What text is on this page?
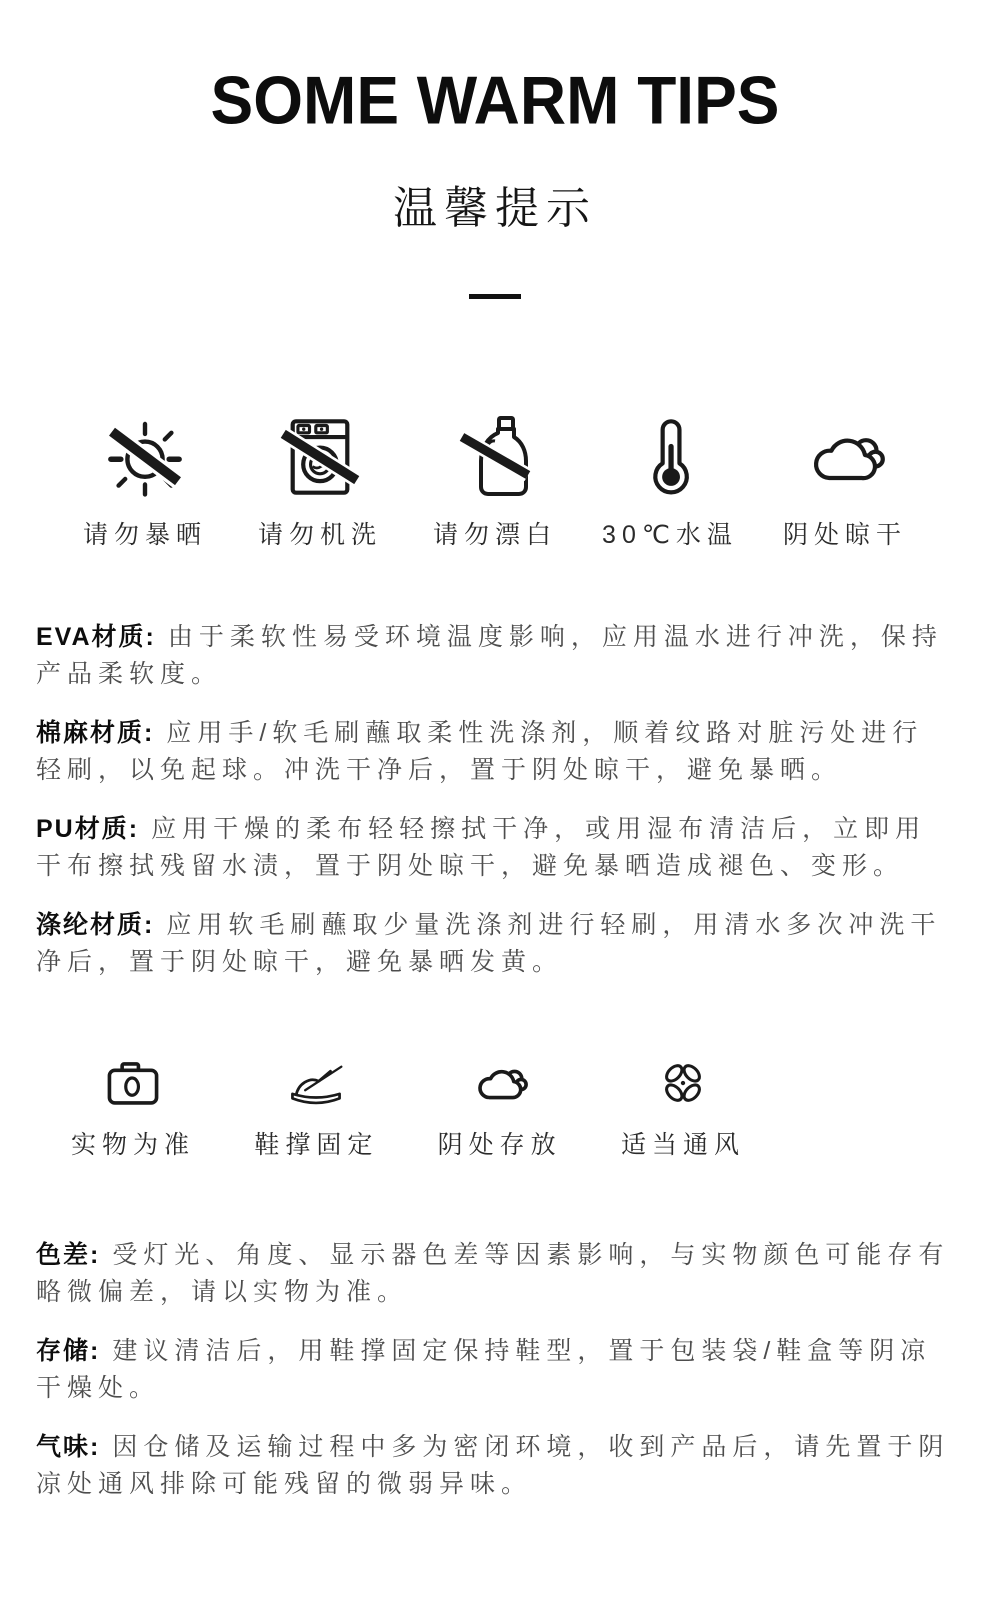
SOME WARM TIPS
温馨提示
请勿暴晒 请勿机洗 请勿漂白 30℃水温 阴处晾干

EVA材质: 由于柔软性易受环境温度影响，应用温水进行冲洗，保持产品柔软度。

棉麻材质: 应用手/软毛刷蘸取柔性洗涤剂，顺着纹路对脏污处进行轻刷，以免起球。冲洗干净后，置于阴处晾干，避免暴晒。

PU材质: 应用干燥的柔布轻轻擦拭干净，或用湿布清洁后，立即用干布擦拭残留水渍，置于阴处晾干，避免暴晒造成褪色、变形。

涤纶材质: 应用软毛刷蘸取少量洗涤剂进行轻刷，用清水多次冲洗干净后，置于阴处晾干，避免暴晒发黄。

实物为准 鞋撑固定 阴处存放 适当通风

色差: 受灯光、角度、显示器色差等因素影响，与实物颜色可能存有略微偏差，请以实物为准。

存储: 建议清洁后，用鞋撑固定保持鞋型，置于包装袋/鞋盒等阴凉干燥处。

气味: 因仓储及运输过程中多为密闭环境，收到产品后，请先置于阴凉处通风排除可能残留的微弱异味。
